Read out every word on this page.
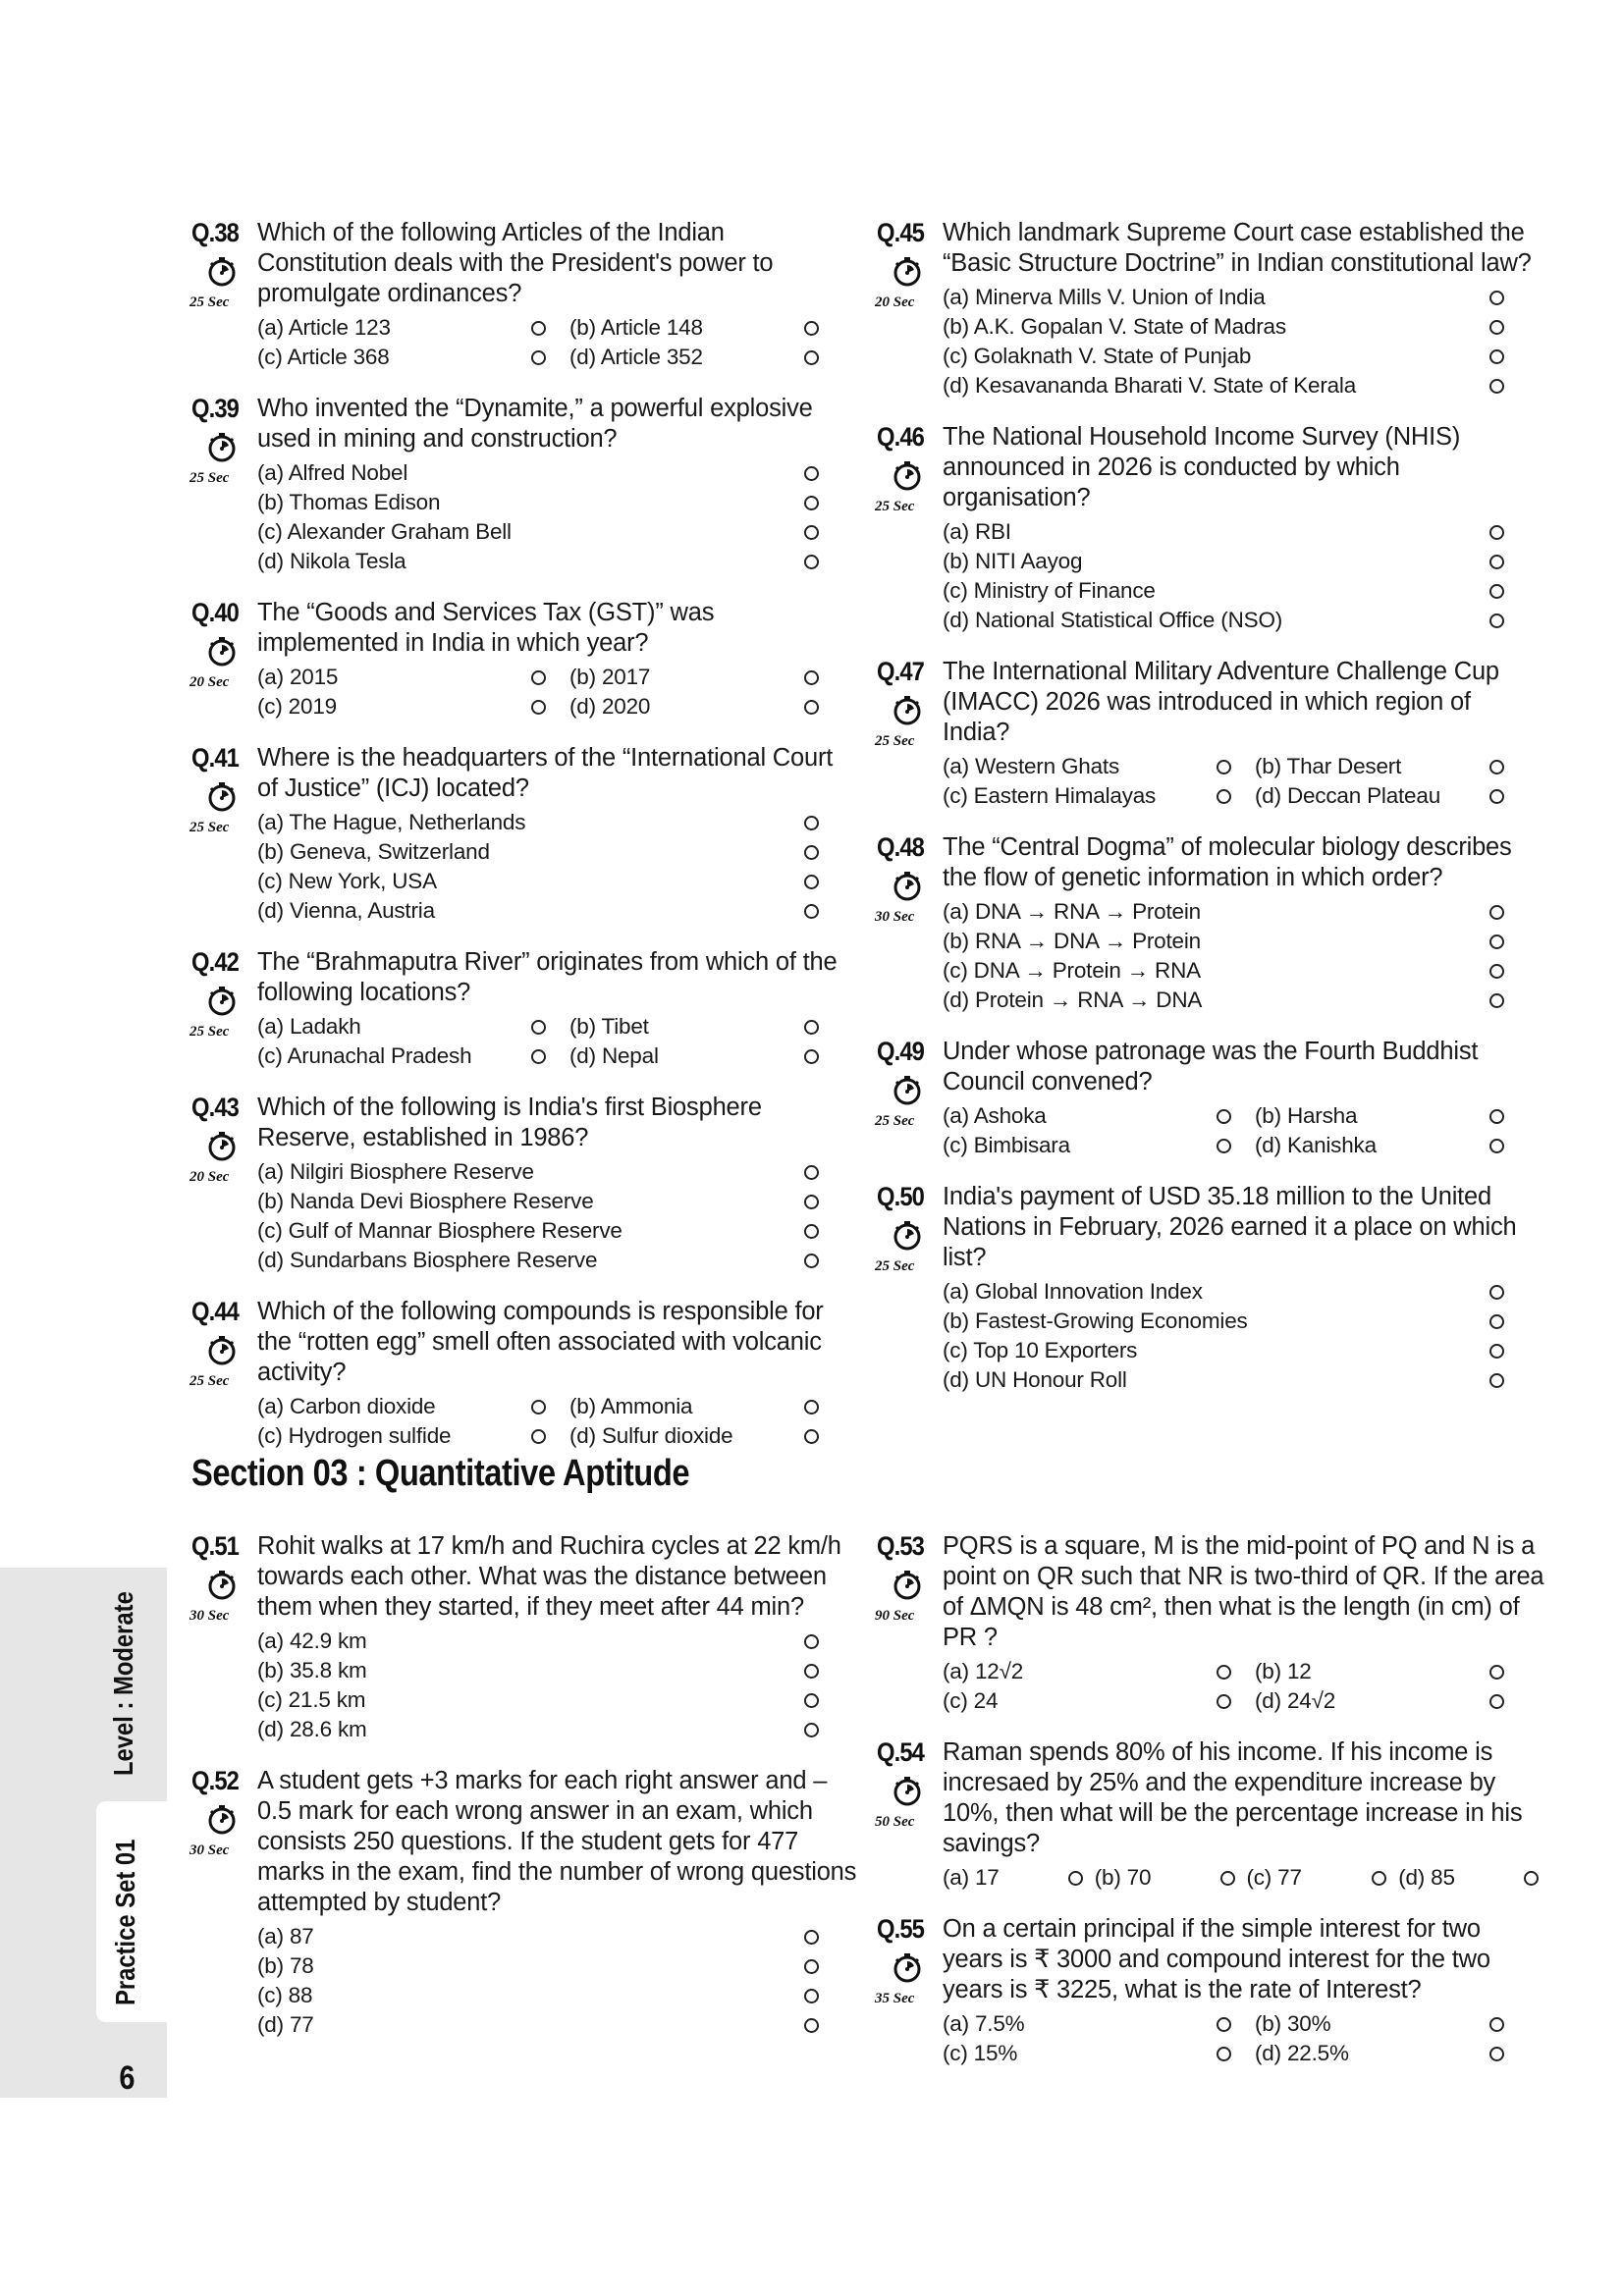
Q.38
25 Sec
Which of the following Articles of the Indian Constitution deals with the President's power to promulgate ordinances?
(a) Article 123	(b) Article 148
(c) Article 368	(d) Article 352
Q.39
25 Sec
Who invented the “Dynamite,” a powerful explosive used in mining and construction?
(a) Alfred Nobel
(b) Thomas Edison
(c) Alexander Graham Bell
(d) Nikola Tesla
Q.40
20 Sec
The “Goods and Services Tax (GST)” was implemented in India in which year?
(a) 2015	(b) 2017
(c) 2019	(d) 2020
Q.41
25 Sec
Where is the headquarters of the “International Court of Justice” (ICJ) located?
(a) The Hague, Netherlands
(b) Geneva, Switzerland
(c) New York, USA
(d) Vienna, Austria
Q.42
25 Sec
The “Brahmaputra River” originates from which of the following locations?
(a) Ladakh	(b) Tibet
(c) Arunachal Pradesh	(d) Nepal
Q.43
20 Sec
Which of the following is India's first Biosphere Reserve, established in 1986?
(a) Nilgiri Biosphere Reserve
(b) Nanda Devi Biosphere Reserve
(c) Gulf of Mannar Biosphere Reserve
(d) Sundarbans Biosphere Reserve
Q.44
25 Sec
Which of the following compounds is responsible for the “rotten egg” smell often associated with volcanic activity?
(a) Carbon dioxide	(b) Ammonia
(c) Hydrogen sulfide	(d) Sulfur dioxide
Q.45
20 Sec
Which landmark Supreme Court case established the “Basic Structure Doctrine” in Indian constitutional law?
(a) Minerva Mills V. Union of India
(b) A.K. Gopalan V. State of Madras
(c) Golaknath V. State of Punjab
(d) Kesavananda Bharati V. State of Kerala
Q.46
25 Sec
The National Household Income Survey (NHIS) announced in 2026 is conducted by which organisation?
(a) RBI
(b) NITI Aayog
(c) Ministry of Finance
(d) National Statistical Office (NSO)
Q.47
25 Sec
The International Military Adventure Challenge Cup (IMACC) 2026 was introduced in which region of India?
(a) Western Ghats	(b) Thar Desert
(c) Eastern Himalayas	(d) Deccan Plateau
Q.48
30 Sec
The “Central Dogma” of molecular biology describes the flow of genetic information in which order?
(a) DNA → RNA → Protein
(b) RNA → DNA → Protein
(c) DNA → Protein → RNA
(d) Protein → RNA → DNA
Q.49
25 Sec
Under whose patronage was the Fourth Buddhist Council convened?
(a) Ashoka	(b) Harsha
(c) Bimbisara	(d) Kanishka
Q.50
25 Sec
India's payment of USD 35.18 million to the United Nations in February, 2026 earned it a place on which list?
(a) Global Innovation Index
(b) Fastest-Growing Economies
(c) Top 10 Exporters
(d) UN Honour Roll
Section 03 : Quantitative Aptitude
Q.51
30 Sec
Rohit walks at 17 km/h and Ruchira cycles at 22 km/h towards each other. What was the distance between them when they started, if they meet after 44 min?
(a) 42.9 km
(b) 35.8 km
(c) 21.5 km
(d) 28.6 km
Q.52
30 Sec
A student gets +3 marks for each right answer and –0.5 mark for each wrong answer in an exam, which consists 250 questions. If the student gets for 477 marks in the exam, find the number of wrong questions attempted by student?
(a) 87
(b) 78
(c) 88
(d) 77
Q.53
90 Sec
PQRS is a square, M is the mid-point of PQ and N is a point on QR such that NR is two-third of QR. If the area of ΔMQN is 48 cm², then what is the length (in cm) of PR ?
(a) 12√2	(b) 12
(c) 24	(d) 24√2
Q.54
50 Sec
Raman spends 80% of his income. If his income is incresaed by 25% and the expenditure increase by 10%, then what will be the percentage increase in his savings?
(a) 17	(b) 70	(c) 77	(d) 85
Q.55
35 Sec
On a certain principal if the simple interest for two years is ₹ 3000 and compound interest for the two years is ₹ 3225, what is the rate of Interest?
(a) 7.5%	(b) 30%
(c) 15%	(d) 22.5%
Level : Moderate
Practice Set 01
6
